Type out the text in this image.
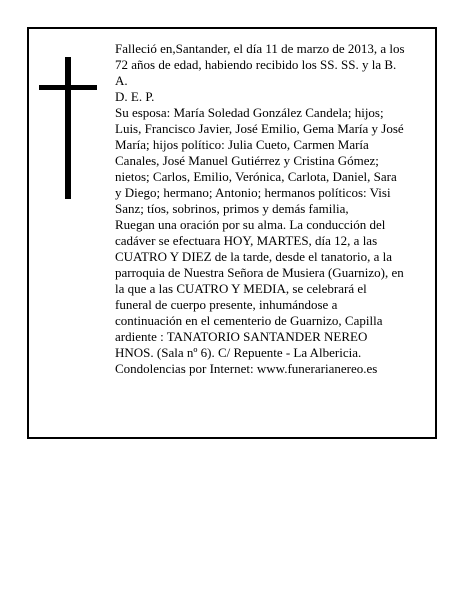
Falleció en,Santander, el día 11 de marzo de 2013, a los
72 años de edad, habiendo recibido los SS. SS. y la B.
A.
D. E. P.
Su esposa: María Soledad González Candela; hijos;
Luis, Francisco Javier, José Emilio, Gema María y José
María; hijos político: Julia Cueto, Carmen María
Canales, José Manuel Gutiérrez y Cristina Gómez;
nietos; Carlos, Emilio, Verónica, Carlota, Daniel, Sara
y Diego; hermano; Antonio; hermanos políticos: Visi
Sanz; tíos, sobrinos, primos y demás familia,
Ruegan una oración por su alma. La conducción del
cadáver se efectuara HOY, MARTES, día 12, a las
CUATRO Y DIEZ de la tarde, desde el tanatorio, a la
parroquia de Nuestra Señora de Musiera (Guarnizo), en
la que a las CUATRO Y MEDIA, se celebrará el
funeral de cuerpo presente, inhumándose a
continuación en el cementerio de Guarnizo, Capilla
ardiente : TANATORIO SANTANDER NEREO
HNOS. (Sala nº 6). C/ Repuente - La Albericia.
Condolencias por Internet: www.funerarianereo.es
